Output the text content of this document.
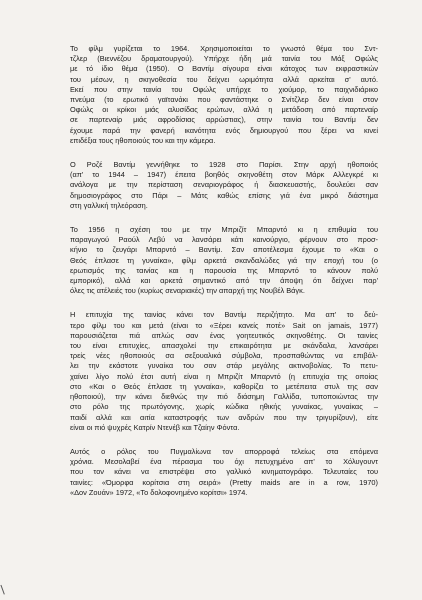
Το φίλμ γυρίζεται το 1964. Χρησιμοποιείται το γνωστό θέμα του Σντ-
τζλερ (Βιεννέζου δραματουργού). Υπήρχε ήδη μιά ταινία του Μάξ Οφώλς
με τό ίδιο θέμα (1950). Ο Βαντίμ σίγουρα είναι κάτοχος των εκφραστικών
του μέσων, η σκηνοθεσία του δείχνει ωριμότητα αλλά αρκείται σ' αυτό.
Εκεί που στην ταινία του Οφώλς υπήρχε το χιούμορ, το παιχνιδιάρικο
πνεύμα (το ερωτικό γαϊτανάκι που φαντάστηκε ο Σνίτζλερ δεν είναι στον
Οφώλς οι κρίκοι μιάς αλυσίδας ερώτων, αλλά η μετάδοση από παρτεναίρ
σε παρτεναίρ μιάς αφροδίσιας αρρώστιας), στην ταινία του Βαντίμ δεν
έχουμε παρά την φανερή ικανότητα ενός δημιουργού που ξέρει να κινεί
επιδέξια τους ηθοποιούς του και την κάμερα.

Ο Ροζέ Βαντίμ γεννήθηκε το 1928 στο Παρίσι. Στην αρχή ηθοποιός
(απ' το 1944 – 1947) έπειτα βοηθός σκηνοθέτη στον Μάρκ Αλλεγκρέ κι
ανάλογα με την περίσταση σεναριογράφος ή διασκευαστής, δουλεύει σαν
δημοσιογράφος στο Πάρι – Μάτς καθώς επίσης γιά ένα μικρό διάστημα
στη γαλλική τηλεόραση.

Το 1956 η σχέση του με την Μπριζίτ Μπαρντό κι η επιθυμία του
παραγωγού Ραούλ Λεβύ να λανσάρει κάτι καινούργιο, φέρνουν στο προσ-
κήνιο το ζευγάρι Μπαρντό – Βαντίμ. Σαν αποτέλεσμα έχουμε το «Και ο
Θεός έπλασε τη γυναίκα», φίλμ αρκετά σκανδαλώδες γιά την εποχή του (ο
ερωτισμός της ταινίας και η παρουσία της Μπαρντό το κάνουν πολύ
εμπορικό), αλλά και αρκετά σημαντικό από την άποψη ότι δείχνει παρ'
όλες τις ατέλειές του (κυρίως σεναριακές) την απαρχή της Νουβέλ Βάγκ.

Η επιτυχία της ταινίας κάνει τον Βαντίμ περιζήτητο. Μα απ' το δεύ-
τερο φίλμ του και μετά (είναι το «Ξέρει κανείς ποτέ» Sait on jamais, 1977)
παρουσιάζεται πιά απλώς σαν ένας γοητευτικός σκηνοθέτης. Οι ταινίες
του είναι επιτυχίες, απασχολεί την επικαιρότητα με σκάνδαλα, λανσάρει
τρείς νέες ηθοποιούς σα σεξουαλικά σύμβολα, προσπαθώντας να επιβάλ-
λει την εκάστοτε γυναίκα του σαν στάρ μεγάλης ακτινοβολίας. Το πετυ-
χαίνει λίγο πολύ έτσι αυτή είναι η Μπριζίτ Μπαρντό (η επιτυχία της οποίας
στο «Και ο Θεός έπλασε τη γυναίκα», καθορίζει το μετέπειτα στυλ της σαν
ηθοποιού), την κάνει διεθνώς την πιό διάσημη Γαλλίδα, τυποποιώντας την
στο ρόλο της πρωτόγονης, χωρίς κώδικα ηθικής γυναίκας, γυναίκας –
παιδί αλλά και αιτία καταστροφής των ανδρών που την τριγυρίζουν), είτε
είναι οι πιό ψυχρές Κατρίν Ντενέβ και Τζαίην Φόντα.

Αυτός ο ρόλος του Πυγμαλίωνα τον απορροφά τελείως στα επόμενα
χρόνια. Μεσολαβεί ένα πέρασμα του όχι πετυχημένο απ' το Χόλυγουντ
που τον κάνει να επιστρέψει στο γαλλικό κινηματογράφο. Τελευταίες του
ταινίες: «Όμορφα κορίτσια στη σειρά» (Pretty maids are in a row, 1970)
«Δον Ζουάν» 1972, «Το δολοφονημένο κορίτσι» 1974.
